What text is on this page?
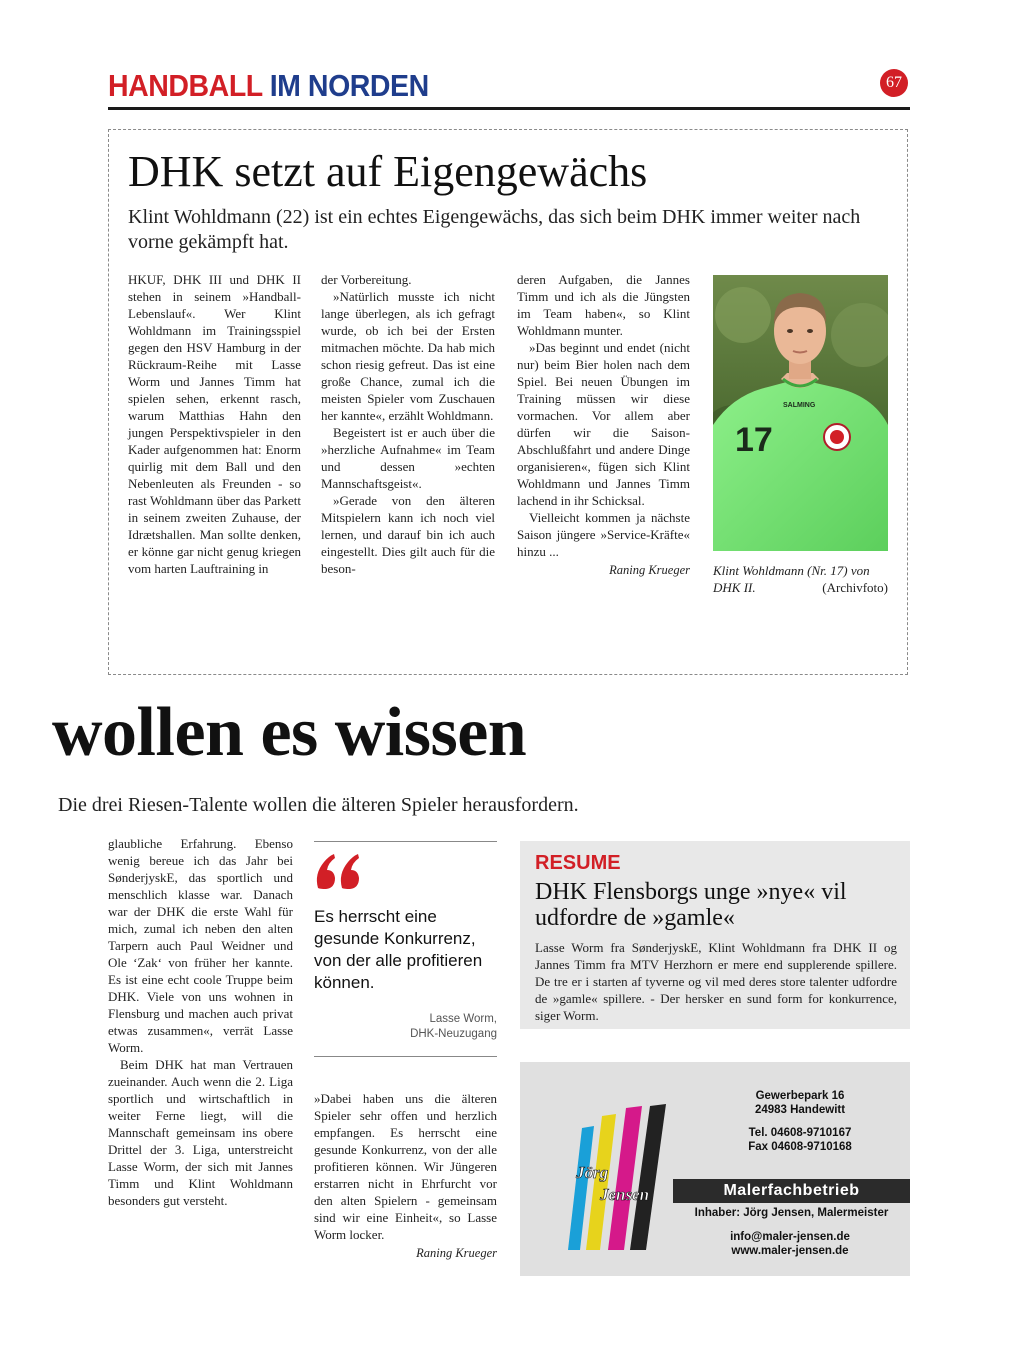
HANDBALL IM NORDEN	67
DHK setzt auf Eigengewächs
Klint Wohldmann (22) ist ein echtes Eigengewächs, das sich beim DHK immer weiter nach vorne gekämpft hat.

HKUF, DHK III und DHK II stehen in seinem »Handball-Lebenslauf«. Wer Klint Wohldmann im Trainingsspiel gegen den HSV Hamburg in der Rückraum-Reihe mit Lasse Worm und Jannes Timm hat spielen sehen, erkennt rasch, warum Matthias Hahn den jungen Perspektivspieler in den Kader aufgenommen hat: Enorm quirlig mit dem Ball und den Nebenleuten als Freunden - so rast Wohldmann über das Parkett in seinem zweiten Zuhause, der Idrætshallen. Man sollte denken, er könne gar nicht genug kriegen vom harten Lauftraining in

der Vorbereitung.

»Natürlich musste ich nicht lange überlegen, als ich gefragt wurde, ob ich bei der Ersten mitmachen möchte. Da hab mich schon riesig gefreut. Das ist eine große Chance, zumal ich die meisten Spieler vom Zuschauen her kannte«, erzählt Wohldmann.

Begeistert ist er auch über die »herzliche Aufnahme« im Team und dessen »echten Mannschaftsgeist«.

»Gerade von den älteren Mitspielern kann ich noch viel lernen, und darauf bin ich auch eingestellt. Dies gilt auch für die beson-

deren Aufgaben, die Jannes Timm und ich als die Jüngsten im Team haben«, so Klint Wohldmann munter.

»Das beginnt und endet (nicht nur) beim Bier holen nach dem Spiel. Bei neuen Übungen im Training müssen wir diese vormachen. Vor allem aber dürfen wir die Saison-Abschlußfahrt und andere Dinge organisieren«, fügen sich Klint Wohldmann und Jannes Timm lachend in ihr Schicksal.

Vielleicht kommen ja nächste Saison jüngere »Service-Kräfte« hinzu ...

Raning Krueger
17
SALMING
Klint Wohldmann (Nr. 17) von DHK II.	(Archivfoto)
wollen es wissen
Die drei Riesen-Talente wollen die älteren Spieler herausfordern.

glaubliche Erfahrung. Ebenso wenig bereue ich das Jahr bei SønderjyskE, das sportlich und menschlich klasse war. Danach war der DHK die erste Wahl für mich, zumal ich neben den alten Tarpern auch Paul Weidner und Ole ‘Zak‘ von früher her kannte. Es ist eine echt coole Truppe beim DHK. Viele von uns wohnen in Flensburg und machen auch privat etwas zusammen«, verrät Lasse Worm.

Beim DHK hat man Vertrauen zueinander. Auch wenn die 2. Liga sportlich und wirtschaftlich in weiter Ferne liegt, will die Mannschaft gemeinsam ins obere Drittel der 3. Liga, unterstreicht Lasse Worm, der sich mit Jannes Timm und Klint Wohldmann besonders gut versteht.

Es herrscht eine gesunde Konkurrenz, von der alle profitieren können.
Lasse Worm,
DHK-Neuzugang

»Dabei haben uns die älteren Spieler sehr offen und herzlich empfangen. Es herrscht eine gesunde Konkurrenz, von der alle profitieren können. Wir Jüngeren erstarren nicht in Ehrfurcht vor den alten Spielern - gemeinsam sind wir eine Einheit«, so Lasse Worm locker.

Raning Krueger
RESUME
DHK Flensborgs unge »nye« vil udfordre de »gamle«
Lasse Worm fra SønderjyskE, Klint Wohldmann fra DHK II og Jannes Timm fra MTV Herzhorn er mere end supplerende spillere. De tre er i starten af tyverne og vil med deres store talenter udfordre de »gamle« spillere. - Der hersker en sund form for konkurrence, siger Worm.
Jörg
Jensen
Gewerbepark 16
24983 Handewitt
Tel. 04608-9710167
Fax 04608-9710168
Malerfachbetrieb
Inhaber: Jörg Jensen, Malermeister
info@maler-jensen.de
www.maler-jensen.de
